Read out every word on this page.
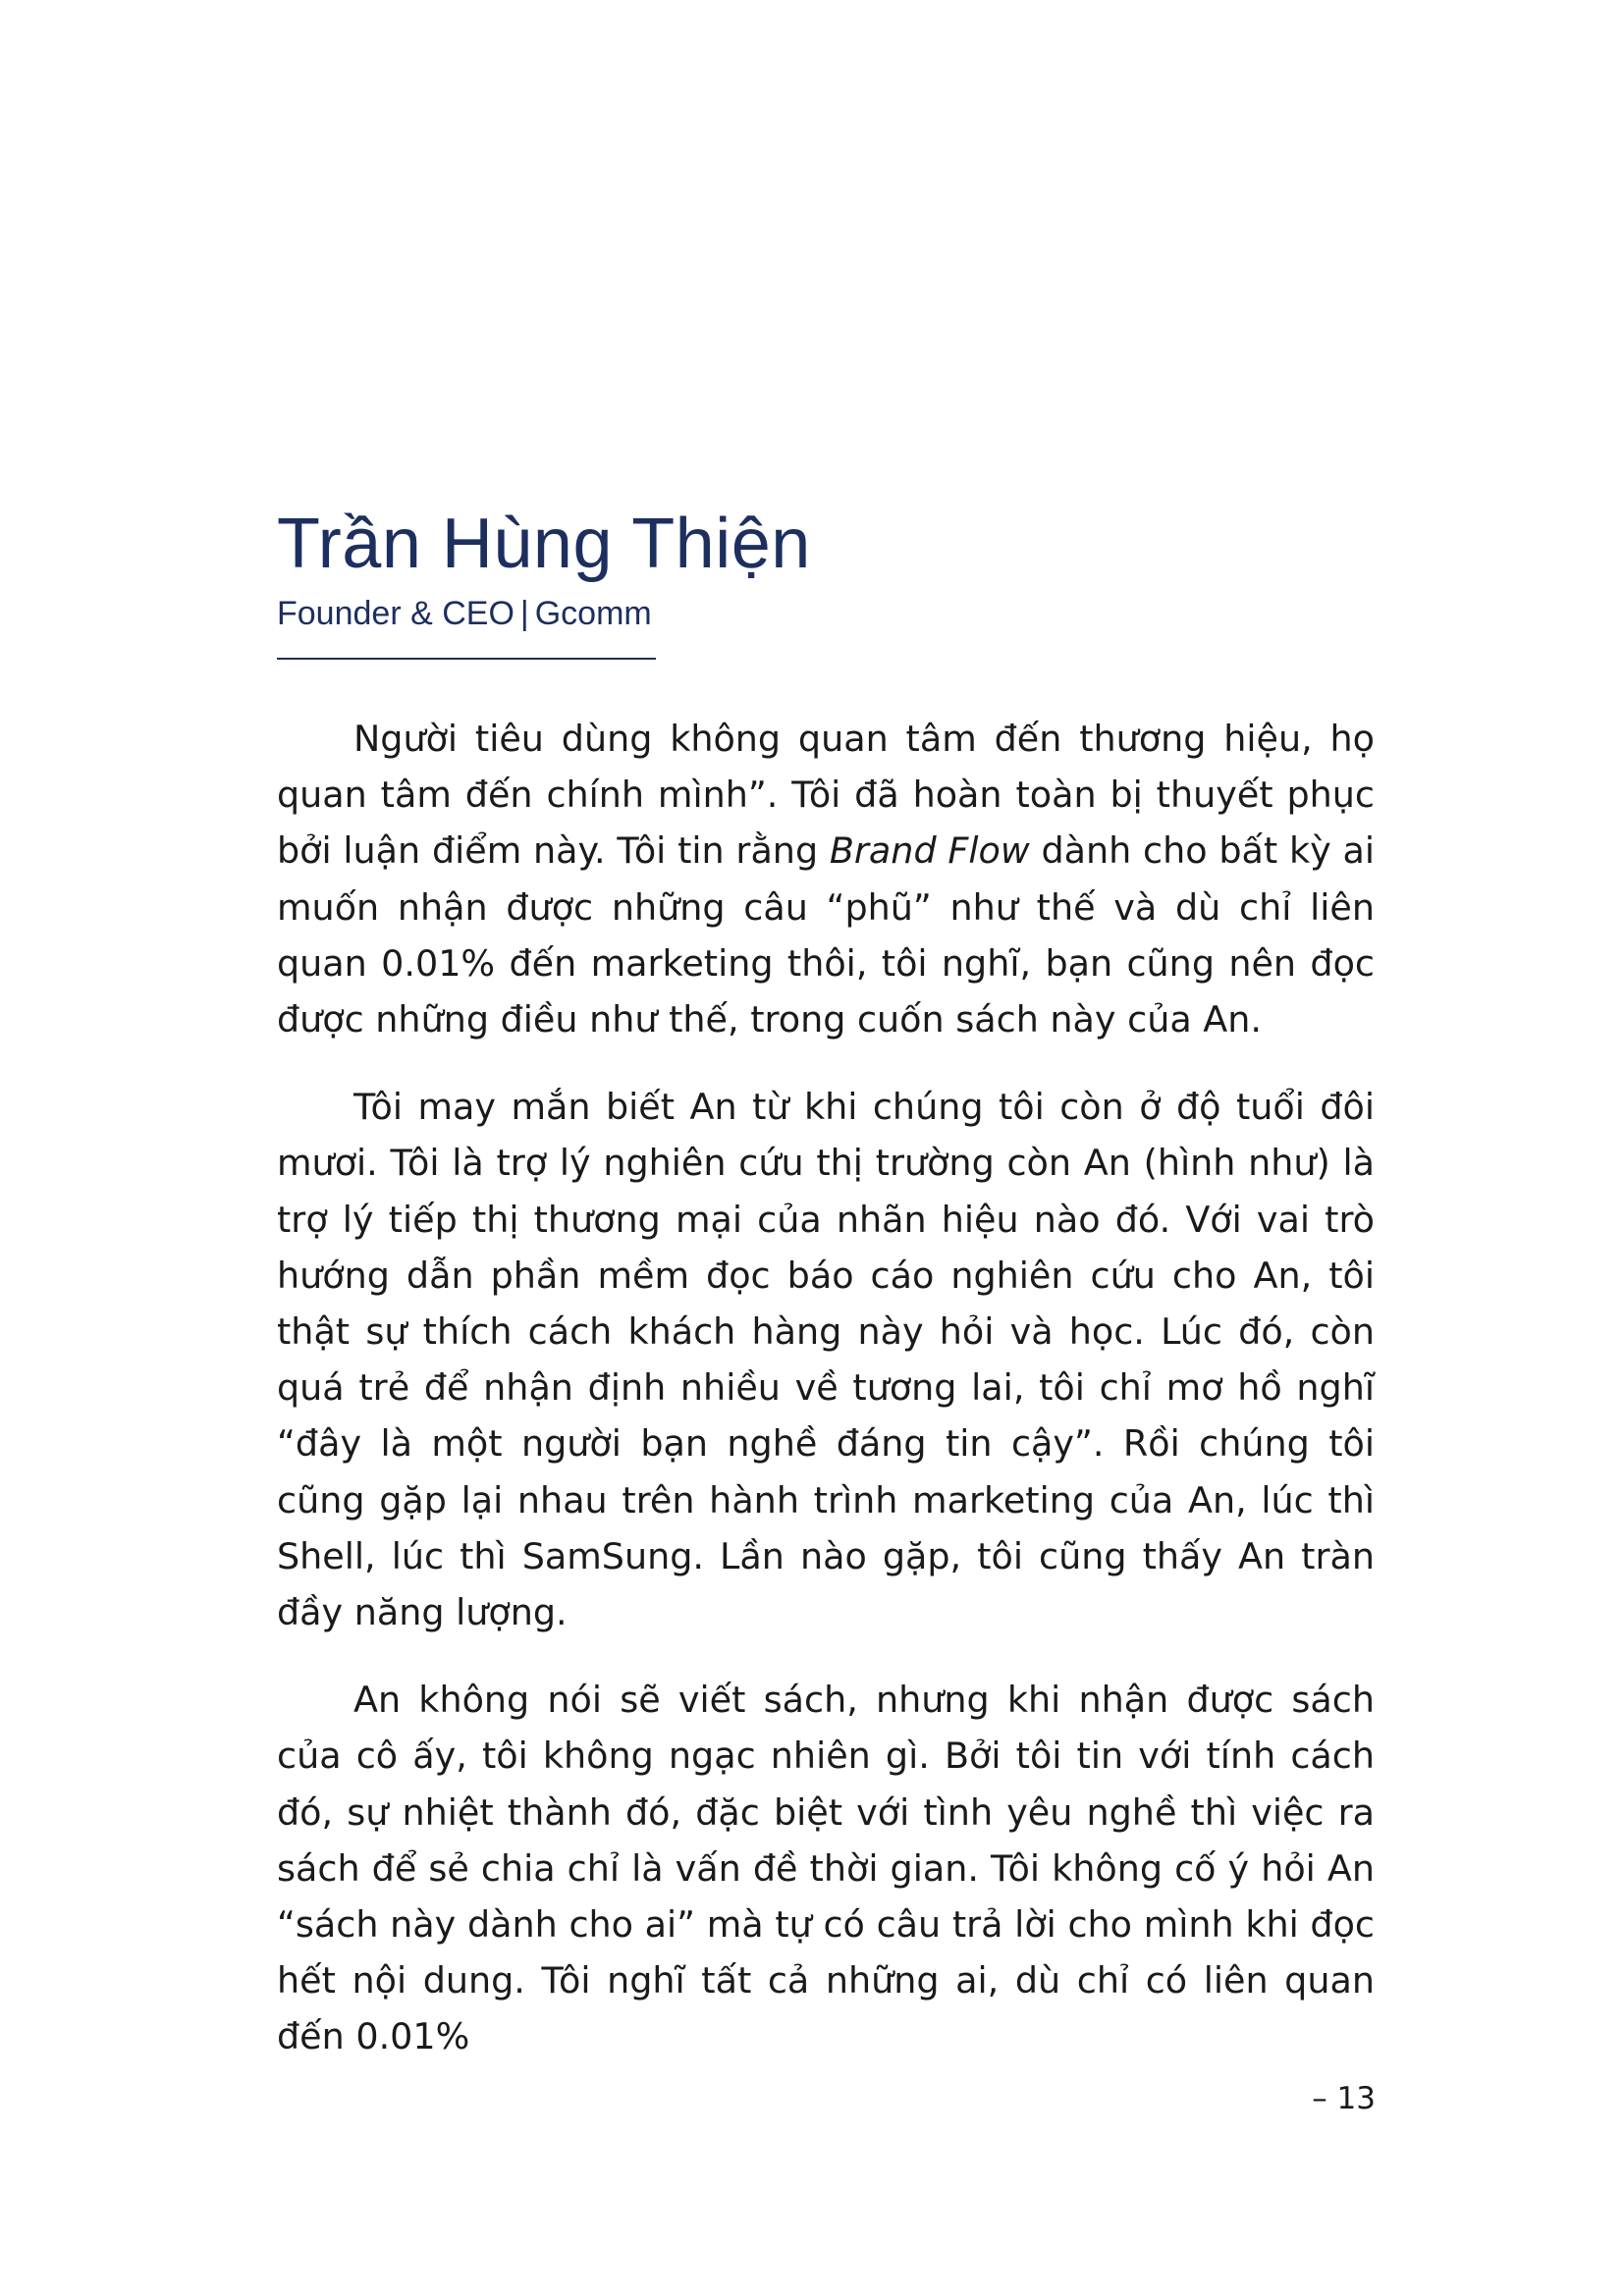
Trần Hùng Thiện
Founder & CEO | Gcomm

Người tiêu dùng không quan tâm đến thương hiệu, họ quan tâm đến chính mình”. Tôi đã hoàn toàn bị thuyết phục bởi luận điểm này. Tôi tin rằng Brand Flow dành cho bất kỳ ai muốn nhận được những câu “phũ” như thế và dù chỉ liên quan 0.01% đến marketing thôi, tôi nghĩ, bạn cũng nên đọc được những điều như thế, trong cuốn sách này của An.

Tôi may mắn biết An từ khi chúng tôi còn ở độ tuổi đôi mươi. Tôi là trợ lý nghiên cứu thị trường còn An (hình như) là trợ lý tiếp thị thương mại của nhãn hiệu nào đó. Với vai trò hướng dẫn phần mềm đọc báo cáo nghiên cứu cho An, tôi thật sự thích cách khách hàng này hỏi và học. Lúc đó, còn quá trẻ để nhận định nhiều về tương lai, tôi chỉ mơ hồ nghĩ “đây là một người bạn nghề đáng tin cậy”. Rồi chúng tôi cũng gặp lại nhau trên hành trình marketing của An, lúc thì Shell, lúc thì SamSung. Lần nào gặp, tôi cũng thấy An tràn đầy năng lượng.

An không nói sẽ viết sách, nhưng khi nhận được sách của cô ấy, tôi không ngạc nhiên gì. Bởi tôi tin với tính cách đó, sự nhiệt thành đó, đặc biệt với tình yêu nghề thì việc ra sách để sẻ chia chỉ là vấn đề thời gian. Tôi không cố ý hỏi An “sách này dành cho ai” mà tự có câu trả lời cho mình khi đọc hết nội dung. Tôi nghĩ tất cả những ai, dù chỉ có liên quan đến 0.01%

– 13
